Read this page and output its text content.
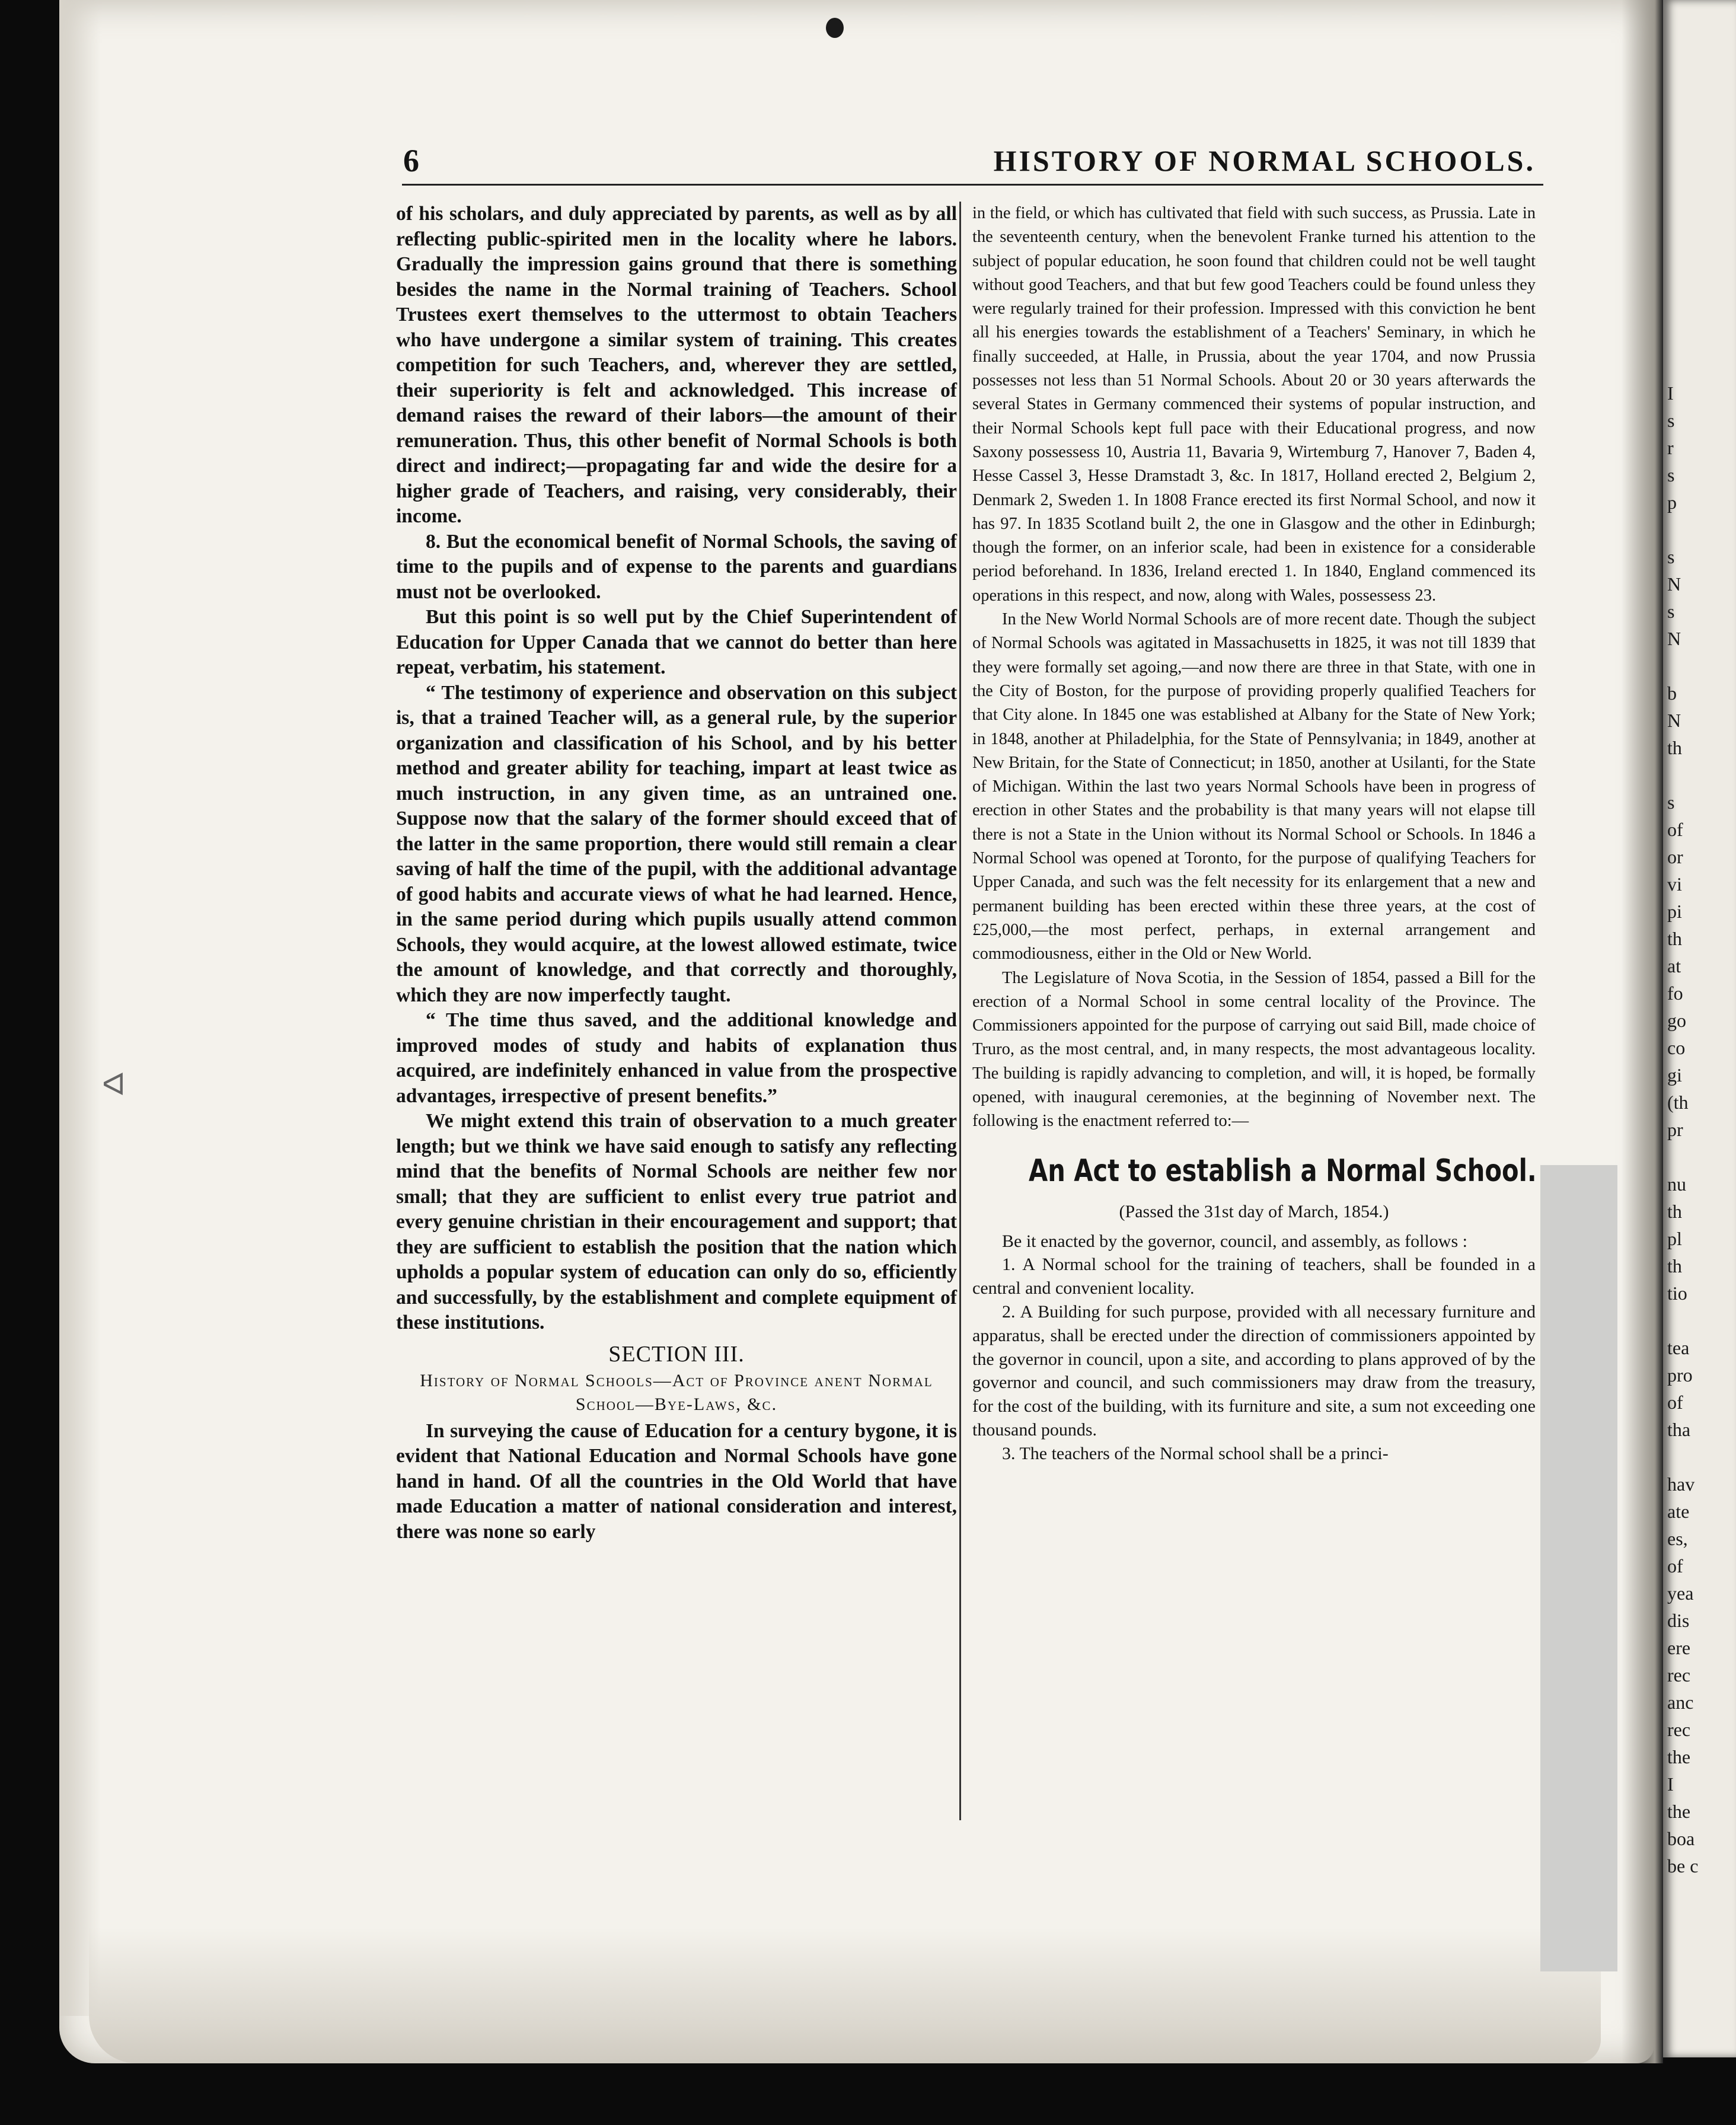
ᐊ
6	HISTORY OF NORMAL SCHOOLS.

of his scholars, and duly appreciated by parents, as well as by all reflecting public-spirited men in the locality where he labors. Gradually the impression gains ground that there is something besides the name in the Normal training of Teachers. School Trustees exert themselves to the uttermost to obtain Teachers who have undergone a similar system of training. This creates competition for such Teachers, and, wherever they are settled, their superiority is felt and acknowledged. This increase of demand raises the reward of their labors—the amount of their remuneration. Thus, this other benefit of Normal Schools is both direct and indirect;—propagating far and wide the desire for a higher grade of Teachers, and raising, very considerably, their income.

8. But the economical benefit of Normal Schools, the saving of time to the pupils and of expense to the parents and guardians must not be overlooked.

But this point is so well put by the Chief Superintendent of Education for Upper Canada that we cannot do better than here repeat, verbatim, his statement.

“ The testimony of experience and observation on this subject is, that a trained Teacher will, as a general rule, by the superior organization and classification of his School, and by his better method and greater ability for teaching, impart at least twice as much instruction, in any given time, as an untrained one. Suppose now that the salary of the former should exceed that of the latter in the same proportion, there would still remain a clear saving of half the time of the pupil, with the additional advantage of good habits and accurate views of what he had learned. Hence, in the same period during which pupils usually attend common Schools, they would acquire, at the lowest allowed estimate, twice the amount of knowledge, and that correctly and thoroughly, which they are now imperfectly taught.

“ The time thus saved, and the additional knowledge and improved modes of study and habits of explanation thus acquired, are indefinitely enhanced in value from the prospective advantages, irrespective of present benefits.”

We might extend this train of observation to a much greater length; but we think we have said enough to satisfy any reflecting mind that the benefits of Normal Schools are neither few nor small; that they are sufficient to enlist every true patriot and every genuine christian in their encouragement and support; that they are sufficient to establish the position that the nation which upholds a popular system of education can only do so, efficiently and successfully, by the establishment and complete equipment of these institutions.

SECTION III.
History of Normal Schools—Act of Province anent Normal School—Bye-Laws, &c.

In surveying the cause of Education for a century bygone, it is evident that National Education and Normal Schools have gone hand in hand. Of all the countries in the Old World that have made Education a matter of national consideration and interest, there was none so early

in the field, or which has cultivated that field with such success, as Prussia. Late in the seventeenth century, when the benevolent Franke turned his attention to the subject of popular education, he soon found that children could not be well taught without good Teachers, and that but few good Teachers could be found unless they were regularly trained for their profession. Impressed with this conviction he bent all his energies towards the establishment of a Teachers' Seminary, in which he finally succeeded, at Halle, in Prussia, about the year 1704, and now Prussia possesses not less than 51 Normal Schools. About 20 or 30 years afterwards the several States in Germany commenced their systems of popular instruction, and their Normal Schools kept full pace with their Educational progress, and now Saxony possessess 10, Austria 11, Bavaria 9, Wirtemburg 7, Hanover 7, Baden 4, Hesse Cassel 3, Hesse Dramstadt 3, &c. In 1817, Holland erected 2, Belgium 2, Denmark 2, Sweden 1. In 1808 France erected its first Normal School, and now it has 97. In 1835 Scotland built 2, the one in Glasgow and the other in Edinburgh; though the former, on an inferior scale, had been in existence for a considerable period beforehand. In 1836, Ireland erected 1. In 1840, England commenced its operations in this respect, and now, along with Wales, possessess 23.

In the New World Normal Schools are of more recent date. Though the subject of Normal Schools was agitated in Massachusetts in 1825, it was not till 1839 that they were formally set agoing,—and now there are three in that State, with one in the City of Boston, for the purpose of providing properly qualified Teachers for that City alone. In 1845 one was established at Albany for the State of New York; in 1848, another at Philadelphia, for the State of Pennsylvania; in 1849, another at New Britain, for the State of Connecticut; in 1850, another at Usilanti, for the State of Michigan. Within the last two years Normal Schools have been in progress of erection in other States and the probability is that many years will not elapse till there is not a State in the Union without its Normal School or Schools. In 1846 a Normal School was opened at Toronto, for the purpose of qualifying Teachers for Upper Canada, and such was the felt necessity for its enlargement that a new and permanent building has been erected within these three years, at the cost of £25,000,—the most perfect, perhaps, in external arrangement and commodiousness, either in the Old or New World.

The Legislature of Nova Scotia, in the Session of 1854, passed a Bill for the erection of a Normal School in some central locality of the Province. The Commissioners appointed for the purpose of carrying out said Bill, made choice of Truro, as the most central, and, in many respects, the most advantageous locality. The building is rapidly advancing to completion, and will, it is hoped, be formally opened, with inaugural ceremonies, at the beginning of November next. The following is the enactment referred to:—

An Act to establish a Normal School.
(Passed the 31st day of March, 1854.)

Be it enacted by the governor, council, and assembly, as follows :

1. A Normal school for the training of teachers, shall be founded in a central and convenient locality.

2. A Building for such purpose, provided with all necessary furniture and apparatus, shall be erected under the direction of commissioners appointed by the governor in council, upon a site, and according to plans approved of by the governor and council, and such commissioners may draw from the treasury, for the cost of the building, with its furniture and site, a sum not exceeding one thousand pounds.

3. The teachers of the Normal school shall be a princi-

I
s
r
s
p
s
N
s
N
b
N
th
s
of
or
vi
pi
th
at
fo
go
co
gi
(th
pr
nu
th
pl
th
tio
tea
pro
of
tha
hav
ate
es,
of
yea
dis
ere
rec
anc
rec
the
I
the
boa
be c
